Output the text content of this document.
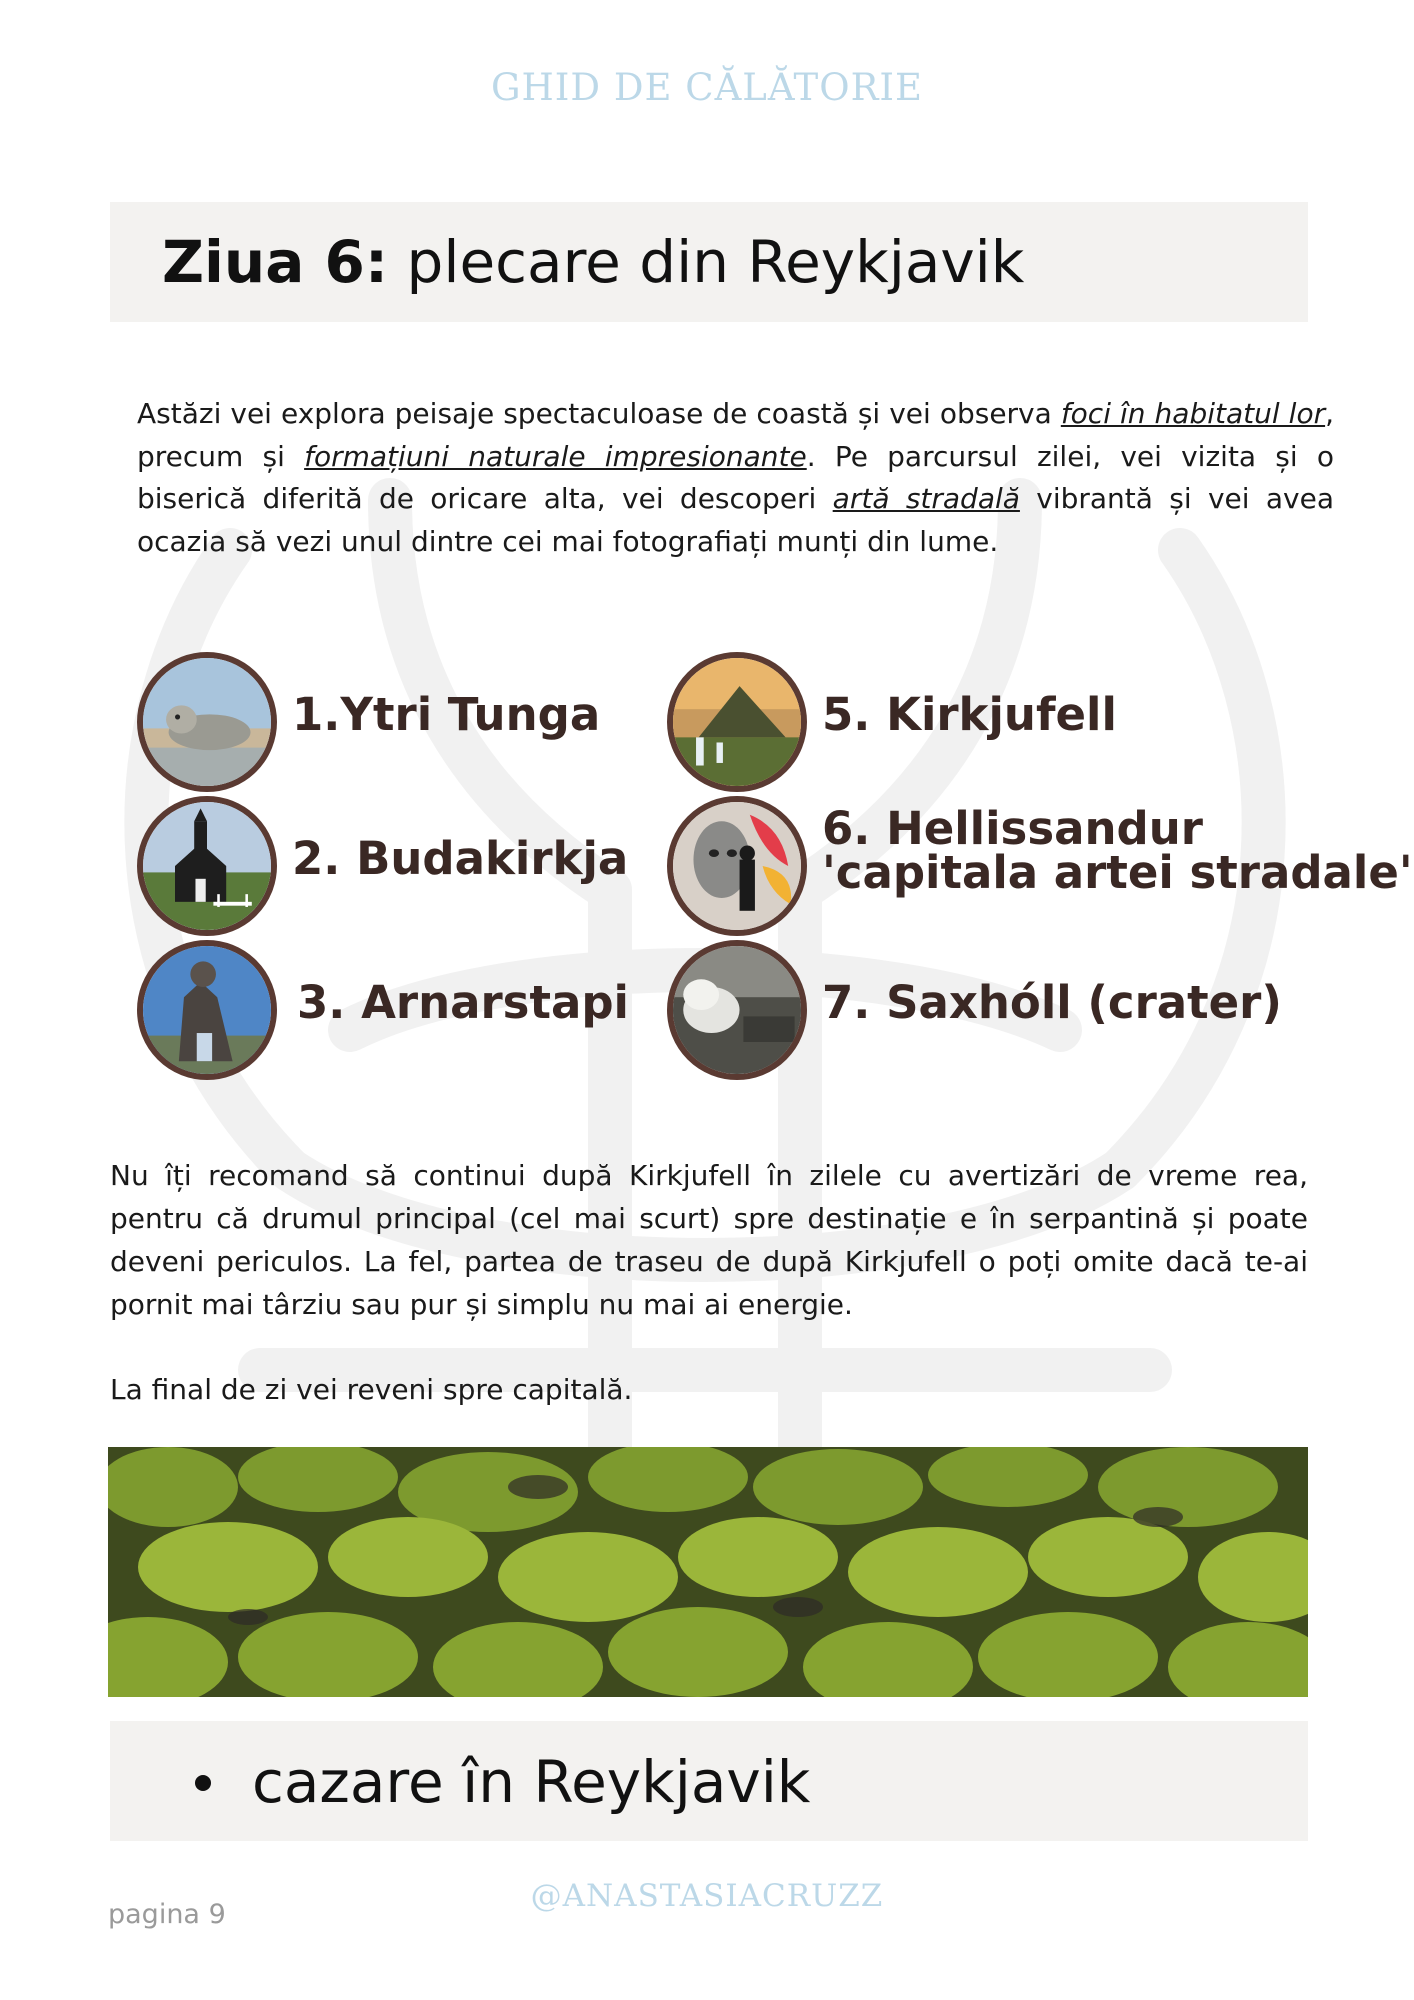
GHID DE CĂLĂTORIE
Ziua 6: plecare din Reykjavik
Astăzi vei explora peisaje spectaculoase de coastă și vei observa foci în habitatul lor, precum și formațiuni naturale impresionante. Pe parcursul zilei, vei vizita și o biserică diferită de oricare alta, vei descoperi artă stradală vibrantă și vei avea ocazia să vezi unul dintre cei mai fotografiați munți din lume.
1.Ytri Tunga
2. Budakirkja
3. Arnarstapi
5. Kirkjufell
6. Hellissandur
'capitala artei stradale'
7. Saxhóll (crater)
Nu îți recomand să continui după Kirkjufell în zilele cu avertizări de vreme rea, pentru că drumul principal (cel mai scurt) spre destinație e în serpantină și poate deveni periculos. La fel, partea de traseu de după Kirkjufell o poți omite dacă te-ai pornit mai târziu sau pur și simplu nu mai ai energie.
La final de zi vei reveni spre capitală.
cazare în Reykjavik
@ANASTASIACRUZZ
pagina 9
